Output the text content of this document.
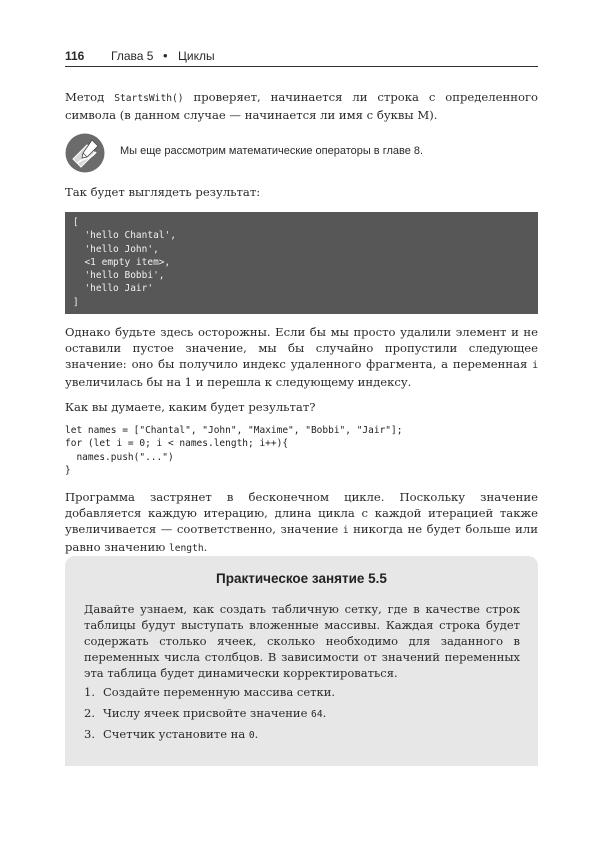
116 Глава 5 • Циклы
Метод StartsWith() проверяет, начинается ли строка с определенного символа (в данном случае — начинается ли имя с буквы M).
Мы еще рассмотрим математические операторы в главе 8.
Так будет выглядеть результат:
[
'hello Chantal',
'hello John',
<1 empty item>,
'hello Bobbi',
'hello Jair'
]
Однако будьте здесь осторожны. Если бы мы просто удалили элемент и не оставили пустое значение, мы бы случайно пропустили следующее значение: оно бы получило индекс удаленного фрагмента, а переменная i увеличилась бы на 1 и перешла к следующему индексу.
Как вы думаете, каким будет результат?
let names = ["Chantal", "John", "Maxime", "Bobbi", "Jair"];
for (let i = 0; i < names.length; i++){
names.push("...")
}
Программа застрянет в бесконечном цикле. Поскольку значение добавляется каждую итерацию, длина цикла с каждой итерацией также увеличивается — соответственно, значение i никогда не будет больше или равно значению length.
Практическое занятие 5.5
Давайте узнаем, как создать табличную сетку, где в качестве строк таблицы будут выступать вложенные массивы. Каждая строка будет содержать столько ячеек, сколько необходимо для заданного в переменных числа столбцов. В зависимости от значений переменных эта таблица будет динамически корректироваться.
1. Создайте переменную массива сетки.
2. Числу ячеек присвойте значение 64.
3. Счетчик установите на 0.
